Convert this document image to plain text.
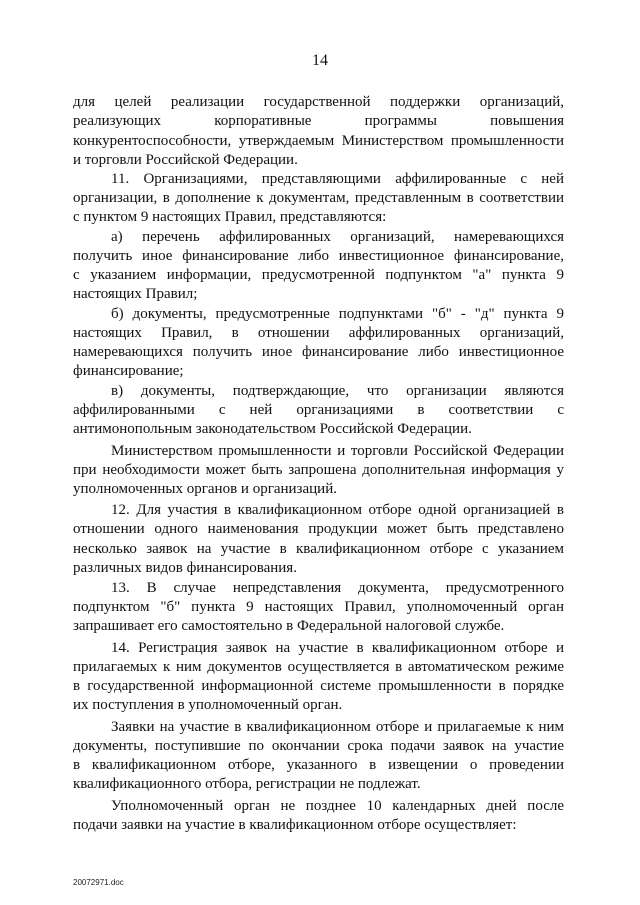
14
для целей реализации государственной поддержки организаций,
реализующих корпоративные программы повышения
конкурентоспособности, утверждаемым Министерством промышленности
и торговли Российской Федерации.
11. Организациями, представляющими аффилированные с ней
организации, в дополнение к документам, представленным в соответствии
с пунктом 9 настоящих Правил, представляются:
а) перечень аффилированных организаций, намеревающихся
получить иное финансирование либо инвестиционное финансирование,
с указанием информации, предусмотренной подпунктом "а" пункта 9
настоящих Правил;
б) документы, предусмотренные подпунктами "б" - "д" пункта 9
настоящих Правил, в отношении аффилированных организаций,
намеревающихся получить иное финансирование либо инвестиционное
финансирование;
в) документы, подтверждающие, что организации являются
аффилированными с ней организациями в соответствии с
антимонопольным законодательством Российской Федерации.
Министерством промышленности и торговли Российской Федерации
при необходимости может быть запрошена дополнительная информация у
уполномоченных органов и организаций.
12. Для участия в квалификационном отборе одной организацией в
отношении одного наименования продукции может быть представлено
несколько заявок на участие в квалификационном отборе с указанием
различных видов финансирования.
13. В случае непредставления документа, предусмотренного
подпунктом "б" пункта 9 настоящих Правил, уполномоченный орган
запрашивает его самостоятельно в Федеральной налоговой службе.
14. Регистрация заявок на участие в квалификационном отборе и
прилагаемых к ним документов осуществляется в автоматическом режиме
в государственной информационной системе промышленности в порядке
их поступления в уполномоченный орган.
Заявки на участие в квалификационном отборе и прилагаемые к ним
документы, поступившие по окончании срока подачи заявок на участие
в квалификационном отборе, указанного в извещении о проведении
квалификационного отбора, регистрации не подлежат.
Уполномоченный орган не позднее 10 календарных дней после
подачи заявки на участие в квалификационном отборе осуществляет:
20072971.doc
